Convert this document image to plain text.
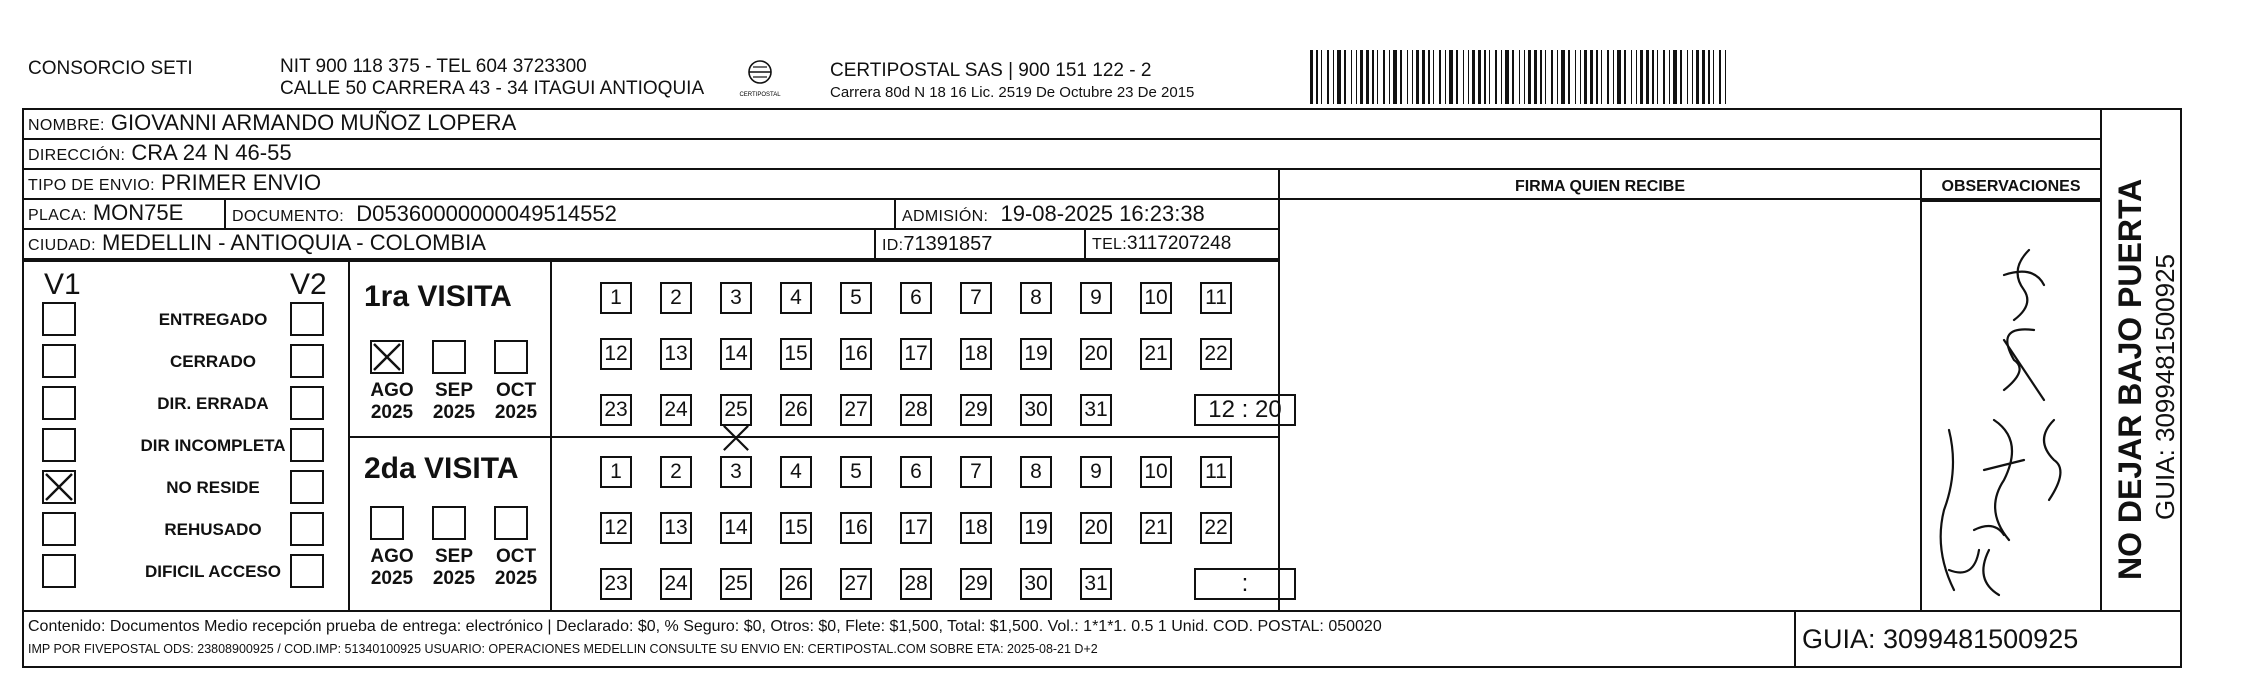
CONSORCIO SETI	NIT 900 118 375 - TEL 604 3723300
CALLE 50 CARRERA 43 - 34 ITAGUI ANTIOQUIA	CERTIPOSTAL
CERTIPOSTAL SAS | 900 151 122 - 2
Carrera 80d N 18 16 Lic. 2519 De Octubre 23 De 2015
NOMBRE: GIOVANNI ARMANDO MUÑOZ LOPERA
DIRECCIÓN: CRA 24 N 46-55
TIPO DE ENVIO: PRIMER ENVIO
PLACA: MON75E	DOCUMENTO: D05360000000049514552	ADMISIÓN: 19-08-2025 16:23:38
CIUDAD: MEDELLIN - ANTIOQUIA - COLOMBIA	ID:71391857	TEL:3117207248
FIRMA QUIEN RECIBE	OBSERVACIONES
V1	V2
ENTREGADO
CERRADO
DIR. ERRADA
DIR INCOMPLETA
NO RESIDE
REHUSADO
DIFICIL ACCESO
1ra VISITA
AGO
2025
SEP
2025
OCT
2025
1	2	3	4	5	6	7	8	9	10 11
12 13 14 15 16 17 18 19 20 21 22
23 24 25 26 27 28 29 30 31	12 : 20
2da VISITA
AGO
2025
SEP
2025
OCT
2025
1	2	3	4	5	6	7	8	9	10 11
12 13 14 15 16 17 18 19 20 21 22
23 24 25 26 27 28 29 30 31	:
Contenido: Documentos Medio recepción prueba de entrega: electrónico | Declarado: $0, % Seguro: $0, Otros: $0, Flete: $1,500, Total: $1,500. Vol.: 1*1*1. 0.5 1 Unid. COD. POSTAL: 050020
IMP POR FIVEPOSTAL ODS: 23808900925 / COD.IMP: 51340100925 USUARIO: OPERACIONES MEDELLIN CONSULTE SU ENVIO EN: CERTIPOSTAL.COM SOBRE ETA: 2025-08-21 D+2	GUIA: 3099481500925
NO DEJAR BAJO PUERTA GUIA: 3099481500925
